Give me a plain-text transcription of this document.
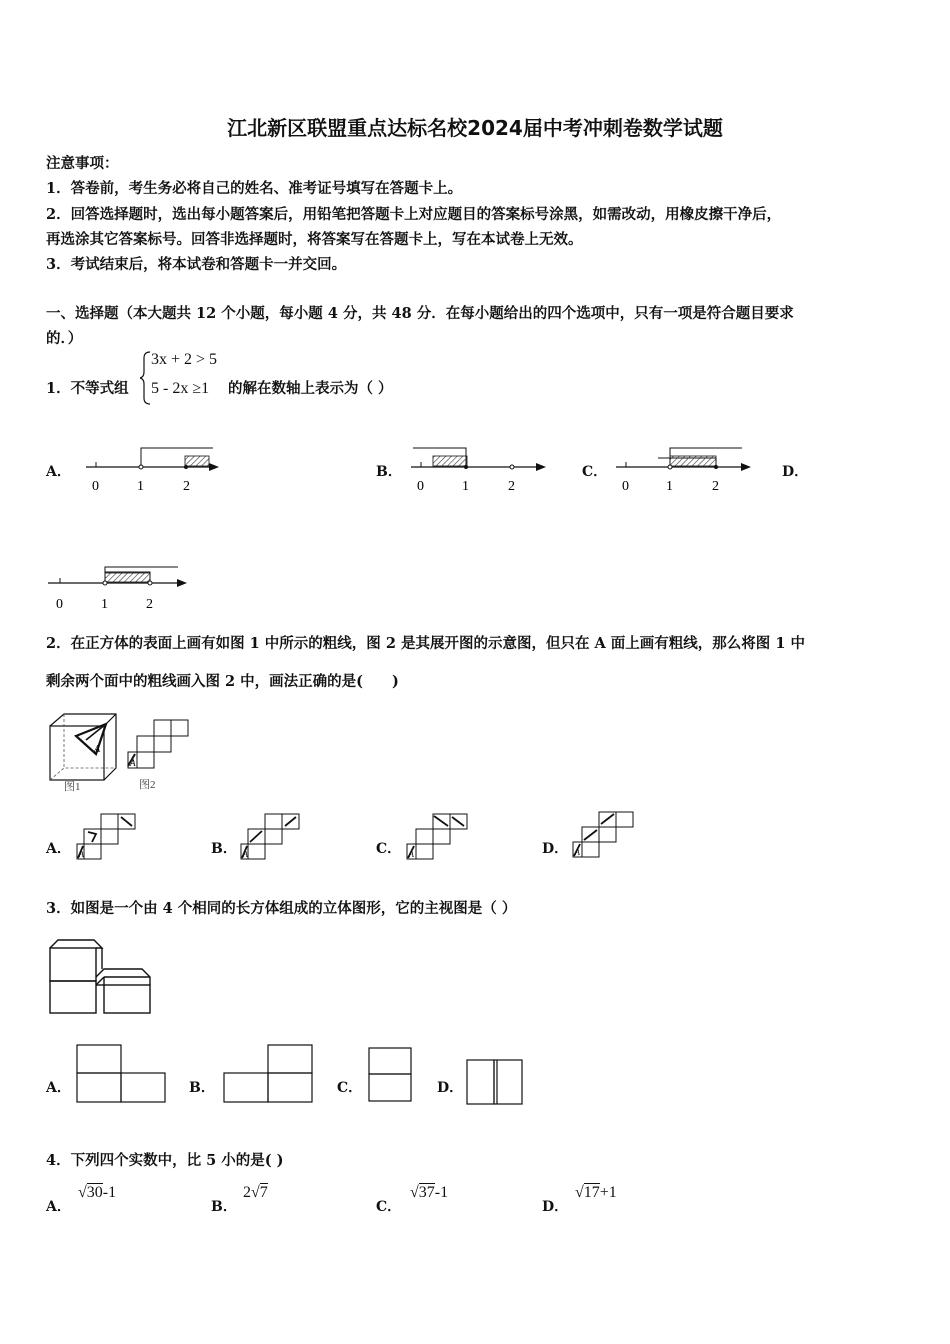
江北新区联盟重点达标名校2024届中考冲刺卷数学试题
注意事项：
1．答卷前，考生务必将自己的姓名、准考证号填写在答题卡上。
2．回答选择题时，选出每小题答案后，用铅笔把答题卡上对应题目的答案标号涂黑，如需改动，用橡皮擦干净后，
再选涂其它答案标号。回答非选择题时，将答案写在答题卡上，写在本试卷上无效。
3．考试结束后，将本试卷和答题卡一并交回。
一、选择题（本大题共 12 个小题，每小题 4 分，共 48 分．在每小题给出的四个选项中，只有一项是符合题目要求
的．）
1．不等式组
3x + 2 > 5
5 - 2x ≥1 的解在数轴上表示为（ ）
A．
0	1	2
B．
0	1	2
C．
0	1	2
D．
0	1	2
2．在正方体的表面上画有如图 1 中所示的粗线，图 2 是其展开图的示意图，但只在 A 面上画有粗线，那么将图 1 中
剩余两个面中的粗线画入图 2 中，画法正确的是(　　)
A
图1
A
图2
A． A	B． A	C． A	D． A
3．如图是一个由 4 个相同的长方体组成的立体图形，它的主视图是（ ）
A．	B．	C．	D．
4．下列四个实数中，比 5 小的是( )
A．
√30-1
B．
2√7
C．
√37-1
D．
√17+1
